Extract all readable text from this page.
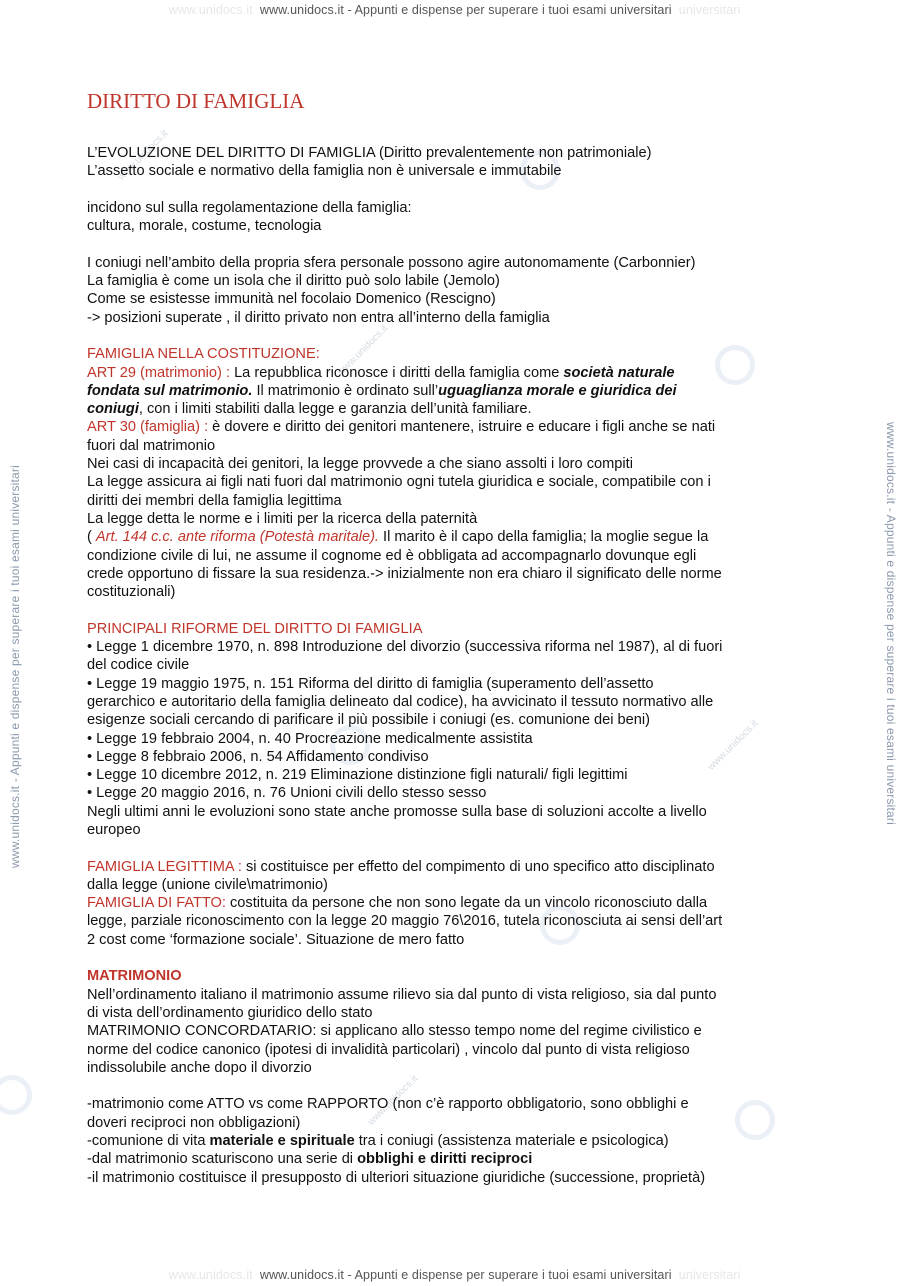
www.unidocs.it www.unidocs.it - Appunti e dispense per superare i tuoi esami universitari universitari
www.unidocs.it www.unidocs.it - Appunti e dispense per superare i tuoi esami universitari universitari
www.unidocs.it - Appunti e dispense per superare i tuoi esami universitari	www.unidocs.it - Appunti e dispense per superare i tuoi esami universitari
www.unidocs.it
www.unidocs.it
www.unidocs.it
www.unidocs.it
DIRITTO DI FAMIGLIA
L’EVOLUZIONE DEL DIRITTO DI FAMIGLIA (Diritto prevalentemente non patrimoniale)
L’assetto sociale e normativo della famiglia non è universale e immutabile
incidono sul sulla regolamentazione della famiglia:
cultura, morale, costume, tecnologia
I coniugi nell’ambito della propria sfera personale possono agire autonomamente (Carbonnier)
La famiglia è come un isola che il diritto può solo labile (Jemolo)
Come se esistesse immunità nel focolaio Domenico (Rescigno)
-> posizioni superate , il diritto privato non entra all’interno della famiglia
FAMIGLIA NELLA COSTITUZIONE:
ART 29 (matrimonio) : La repubblica riconosce i diritti della famiglia come società naturale
fondata sul matrimonio. Il matrimonio è ordinato sull’uguaglianza morale e giuridica dei
coniugi, con i limiti stabiliti dalla legge e garanzia dell’unità familiare.
ART 30 (famiglia) : è dovere e diritto dei genitori mantenere, istruire e educare i figli anche se nati
fuori dal matrimonio
Nei casi di incapacità dei genitori, la legge provvede a che siano assolti i loro compiti
La legge assicura ai figli nati fuori dal matrimonio ogni tutela giuridica e sociale, compatibile con i
diritti dei membri della famiglia legittima
La legge detta le norme e i limiti per la ricerca della paternità
( Art. 144 c.c. ante riforma (Potestà maritale). Il marito è il capo della famiglia; la moglie segue la
condizione civile di lui, ne assume il cognome ed è obbligata ad accompagnarlo dovunque egli
crede opportuno di fissare la sua residenza.-> inizialmente non era chiaro il significato delle norme
costituzionali)
PRINCIPALI RIFORME DEL DIRITTO DI FAMIGLIA
• Legge 1 dicembre 1970, n. 898 Introduzione del divorzio (successiva riforma nel 1987), al di fuori
del codice civile
• Legge 19 maggio 1975, n. 151 Riforma del diritto di famiglia (superamento dell’assetto
gerarchico e autoritario della famiglia delineato dal codice), ha avvicinato il tessuto normativo alle
esigenze sociali cercando di parificare il più possibile i coniugi (es. comunione dei beni)
• Legge 19 febbraio 2004, n. 40 Procreazione medicalmente assistita
• Legge 8 febbraio 2006, n. 54 Affidamento condiviso
• Legge 10 dicembre 2012, n. 219 Eliminazione distinzione figli naturali/ figli legittimi
• Legge 20 maggio 2016, n. 76 Unioni civili dello stesso sesso
Negli ultimi anni le evoluzioni sono state anche promosse sulla base di soluzioni accolte a livello
europeo
FAMIGLIA LEGITTIMA : si costituisce per effetto del compimento di uno specifico atto disciplinato
dalla legge (unione civile\matrimonio)
FAMIGLIA DI FATTO: costituita da persone che non sono legate da un vincolo riconosciuto dalla
legge, parziale riconoscimento con la legge 20 maggio 76\2016, tutela riconosciuta ai sensi dell’art
2 cost come ‘formazione sociale’. Situazione de mero fatto
MATRIMONIO
Nell’ordinamento italiano il matrimonio assume rilievo sia dal punto di vista religioso, sia dal punto
di vista dell’ordinamento giuridico dello stato
MATRIMONIO CONCORDATARIO: si applicano allo stesso tempo nome del regime civilistico e
norme del codice canonico (ipotesi di invalidità particolari) , vincolo dal punto di vista religioso
indissolubile anche dopo il divorzio
-matrimonio come ATTO vs come RAPPORTO (non c’è rapporto obbligatorio, sono obblighi e
doveri reciproci non obbligazioni)
-comunione di vita materiale e spirituale tra i coniugi (assistenza materiale e psicologica)
-dal matrimonio scaturiscono una serie di obblighi e diritti reciproci
-il matrimonio costituisce il presupposto di ulteriori situazione giuridiche (successione, proprietà)
